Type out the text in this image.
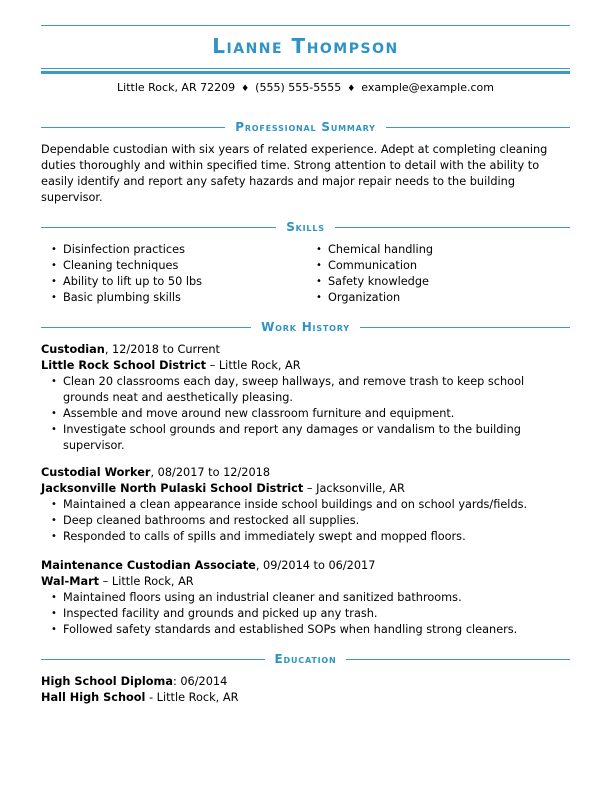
Lianne Thompson
Little Rock, AR 72209 ♦ (555) 555-5555 ♦ example@example.com
Professional Summary
Dependable custodian with six years of related experience. Adept at completing cleaning duties thoroughly and within specified time. Strong attention to detail with the ability to easily identify and report any safety hazards and major repair needs to the building supervisor.
Skills
• Disinfection practices
• Cleaning techniques
• Ability to lift up to 50 lbs
• Basic plumbing skills
• Chemical handling
• Communication
• Safety knowledge
• Organization
Work History
Custodian, 12/2018 to Current
Little Rock School District – Little Rock, AR
• Clean 20 classrooms each day, sweep hallways, and remove trash to keep school grounds neat and aesthetically pleasing.
• Assemble and move around new classroom furniture and equipment.
• Investigate school grounds and report any damages or vandalism to the building supervisor.
Custodial Worker, 08/2017 to 12/2018
Jacksonville North Pulaski School District – Jacksonville, AR
• Maintained a clean appearance inside school buildings and on school yards/fields.
• Deep cleaned bathrooms and restocked all supplies.
• Responded to calls of spills and immediately swept and mopped floors.
Maintenance Custodian Associate, 09/2014 to 06/2017
Wal-Mart – Little Rock, AR
• Maintained floors using an industrial cleaner and sanitized bathrooms.
• Inspected facility and grounds and picked up any trash.
• Followed safety standards and established SOPs when handling strong cleaners.
Education
High School Diploma: 06/2014
Hall High School - Little Rock, AR
